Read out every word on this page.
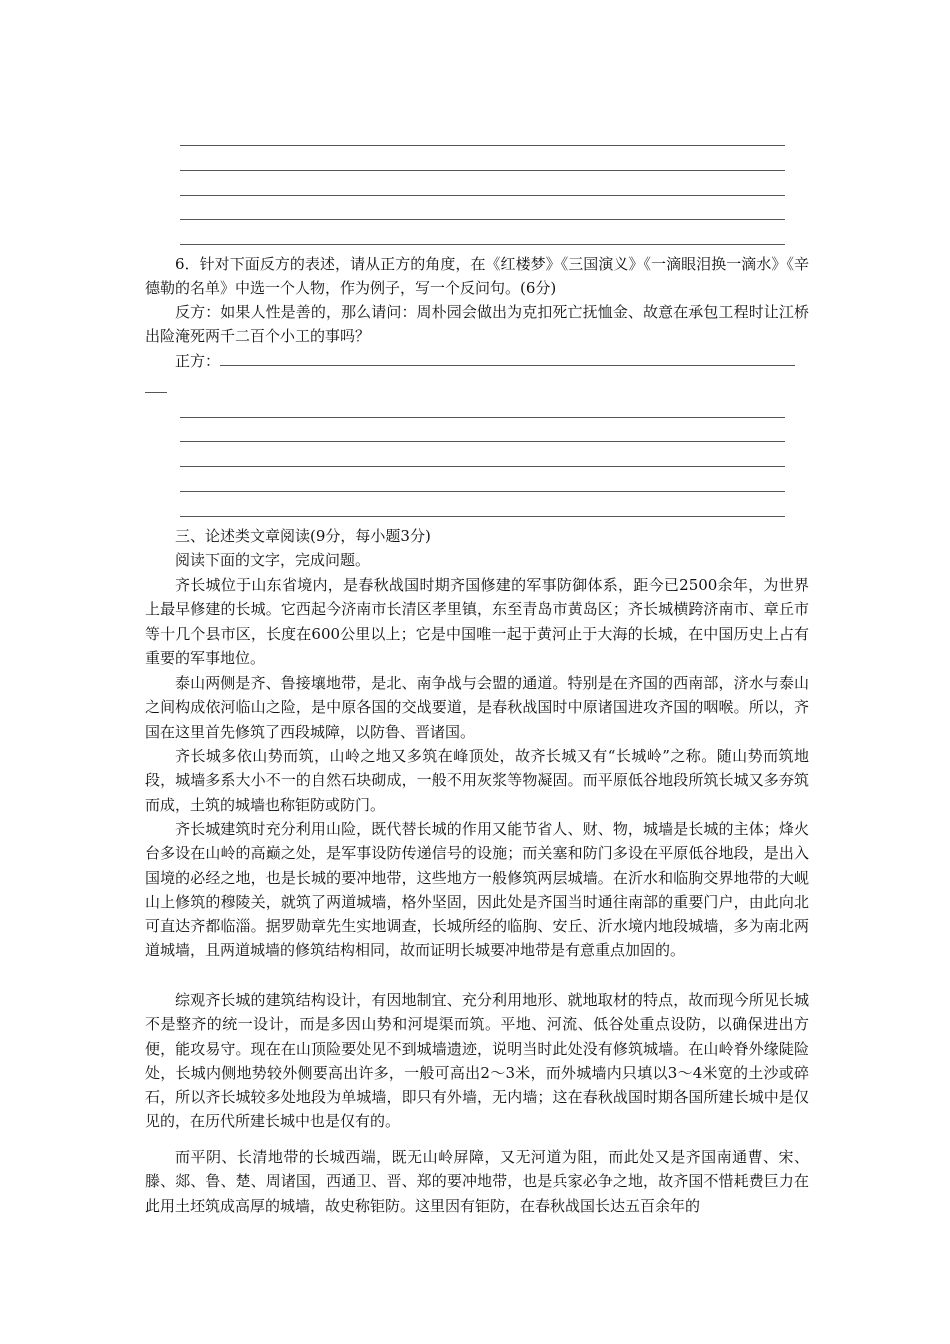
6．针对下面反方的表述，请从正方的角度，在《红楼梦》《三国演义》《一滴眼泪换一滴水》《辛德勒的名单》中选一个人物，作为例子，写一个反问句。(6分)

反方：如果人性是善的，那么请问：周朴园会做出为克扣死亡抚恤金、故意在承包工程时让江桥出险淹死两千二百个小工的事吗？

正方：

三、论述类文章阅读(9分，每小题3分)

阅读下面的文字，完成问题。

齐长城位于山东省境内，是春秋战国时期齐国修建的军事防御体系，距今已2500余年，为世界上最早修建的长城。它西起今济南市长清区孝里镇，东至青岛市黄岛区；齐长城横跨济南市、章丘市等十几个县市区，长度在600公里以上；它是中国唯一起于黄河止于大海的长城，在中国历史上占有重要的军事地位。

泰山两侧是齐、鲁接壤地带，是北、南争战与会盟的通道。特别是在齐国的西南部，济水与泰山之间构成依河临山之险，是中原各国的交战要道，是春秋战国时中原诸国进攻齐国的咽喉。所以，齐国在这里首先修筑了西段城障，以防鲁、晋诸国。

齐长城多依山势而筑，山岭之地又多筑在峰顶处，故齐长城又有“长城岭”之称。随山势而筑地段，城墙多系大小不一的自然石块砌成，一般不用灰浆等物凝固。而平原低谷地段所筑长城又多夯筑而成，土筑的城墙也称钜防或防门。

齐长城建筑时充分利用山险，既代替长城的作用又能节省人、财、物，城墙是长城的主体；烽火台多设在山岭的高巅之处，是军事设防传递信号的设施；而关塞和防门多设在平原低谷地段，是出入国境的必经之地，也是长城的要冲地带，这些地方一般修筑两层城墙。在沂水和临朐交界地带的大岘山上修筑的穆陵关，就筑了两道城墙，格外坚固，因此处是齐国当时通往南部的重要门户，由此向北可直达齐都临淄。据罗勋章先生实地调查，长城所经的临朐、安丘、沂水境内地段城墙，多为南北两道城墙，且两道城墙的修筑结构相同，故而证明长城要冲地带是有意重点加固的。

综观齐长城的建筑结构设计，有因地制宜、充分利用地形、就地取材的特点，故而现今所见长城不是整齐的统一设计，而是多因山势和河堤渠而筑。平地、河流、低谷处重点设防，以确保进出方便，能攻易守。现在在山顶险要处见不到城墙遗迹，说明当时此处没有修筑城墙。在山岭脊外缘陡险处，长城内侧地势较外侧要高出许多，一般可高出2～3米，而外城墙内只填以3～4米宽的土沙或碎石，所以齐长城较多处地段为单城墙，即只有外墙，无内墙；这在春秋战国时期各国所建长城中是仅见的，在历代所建长城中也是仅有的。

而平阴、长清地带的长城西端，既无山岭屏障，又无河道为阻，而此处又是齐国南通曹、宋、滕、郯、鲁、楚、周诸国，西通卫、晋、郑的要冲地带，也是兵家必争之地，故齐国不惜耗费巨力在此用土坯筑成高厚的城墙，故史称钜防。这里因有钜防，在春秋战国长达五百余年的
